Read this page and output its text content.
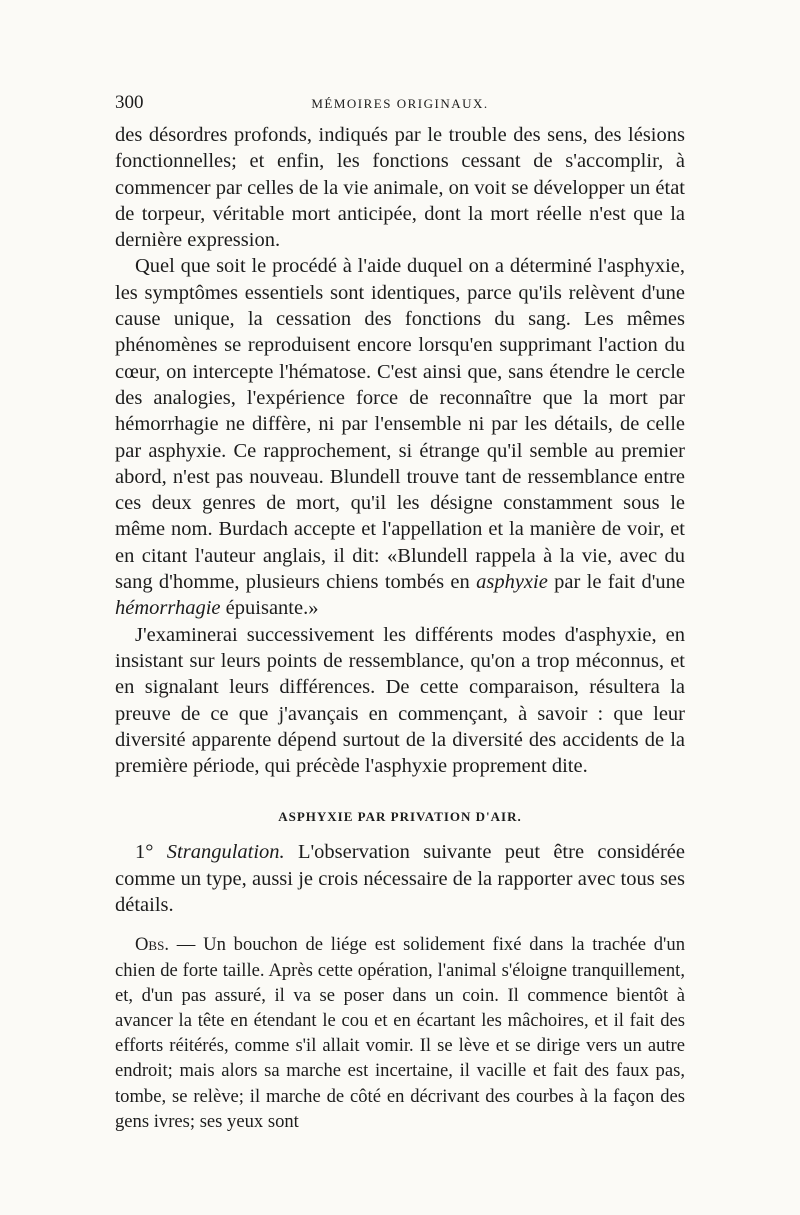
300	MÉMOIRES ORIGINAUX.

des désordres profonds, indiqués par le trouble des sens, des lésions fonctionnelles; et enfin, les fonctions cessant de s'accomplir, à commencer par celles de la vie animale, on voit se développer un état de torpeur, véritable mort anticipée, dont la mort réelle n'est que la dernière expression.

Quel que soit le procédé à l'aide duquel on a déterminé l'asphyxie, les symptômes essentiels sont identiques, parce qu'ils relèvent d'une cause unique, la cessation des fonctions du sang. Les mêmes phénomènes se reproduisent encore lorsqu'en supprimant l'action du cœur, on intercepte l'hématose. C'est ainsi que, sans étendre le cercle des analogies, l'expérience force de reconnaître que la mort par hémorrhagie ne diffère, ni par l'ensemble ni par les détails, de celle par asphyxie. Ce rapprochement, si étrange qu'il semble au premier abord, n'est pas nouveau. Blundell trouve tant de ressemblance entre ces deux genres de mort, qu'il les désigne constamment sous le même nom. Burdach accepte et l'appellation et la manière de voir, et en citant l'auteur anglais, il dit: «Blundell rappela à la vie, avec du sang d'homme, plusieurs chiens tombés en asphyxie par le fait d'une hémorrhagie épuisante.»

J'examinerai successivement les différents modes d'asphyxie, en insistant sur leurs points de ressemblance, qu'on a trop méconnus, et en signalant leurs différences. De cette comparaison, résultera la preuve de ce que j'avançais en commençant, à savoir : que leur diversité apparente dépend surtout de la diversité des accidents de la première période, qui précède l'asphyxie proprement dite.

ASPHYXIE PAR PRIVATION D'AIR.

1° Strangulation. L'observation suivante peut être considérée comme un type, aussi je crois nécessaire de la rapporter avec tous ses détails.

Obs. — Un bouchon de liége est solidement fixé dans la trachée d'un chien de forte taille. Après cette opération, l'animal s'éloigne tranquillement, et, d'un pas assuré, il va se poser dans un coin. Il commence bientôt à avancer la tête en étendant le cou et en écartant les mâchoires, et il fait des efforts réitérés, comme s'il allait vomir. Il se lève et se dirige vers un autre endroit; mais alors sa marche est incertaine, il vacille et fait des faux pas, tombe, se relève; il marche de côté en décrivant des courbes à la façon des gens ivres; ses yeux sont
